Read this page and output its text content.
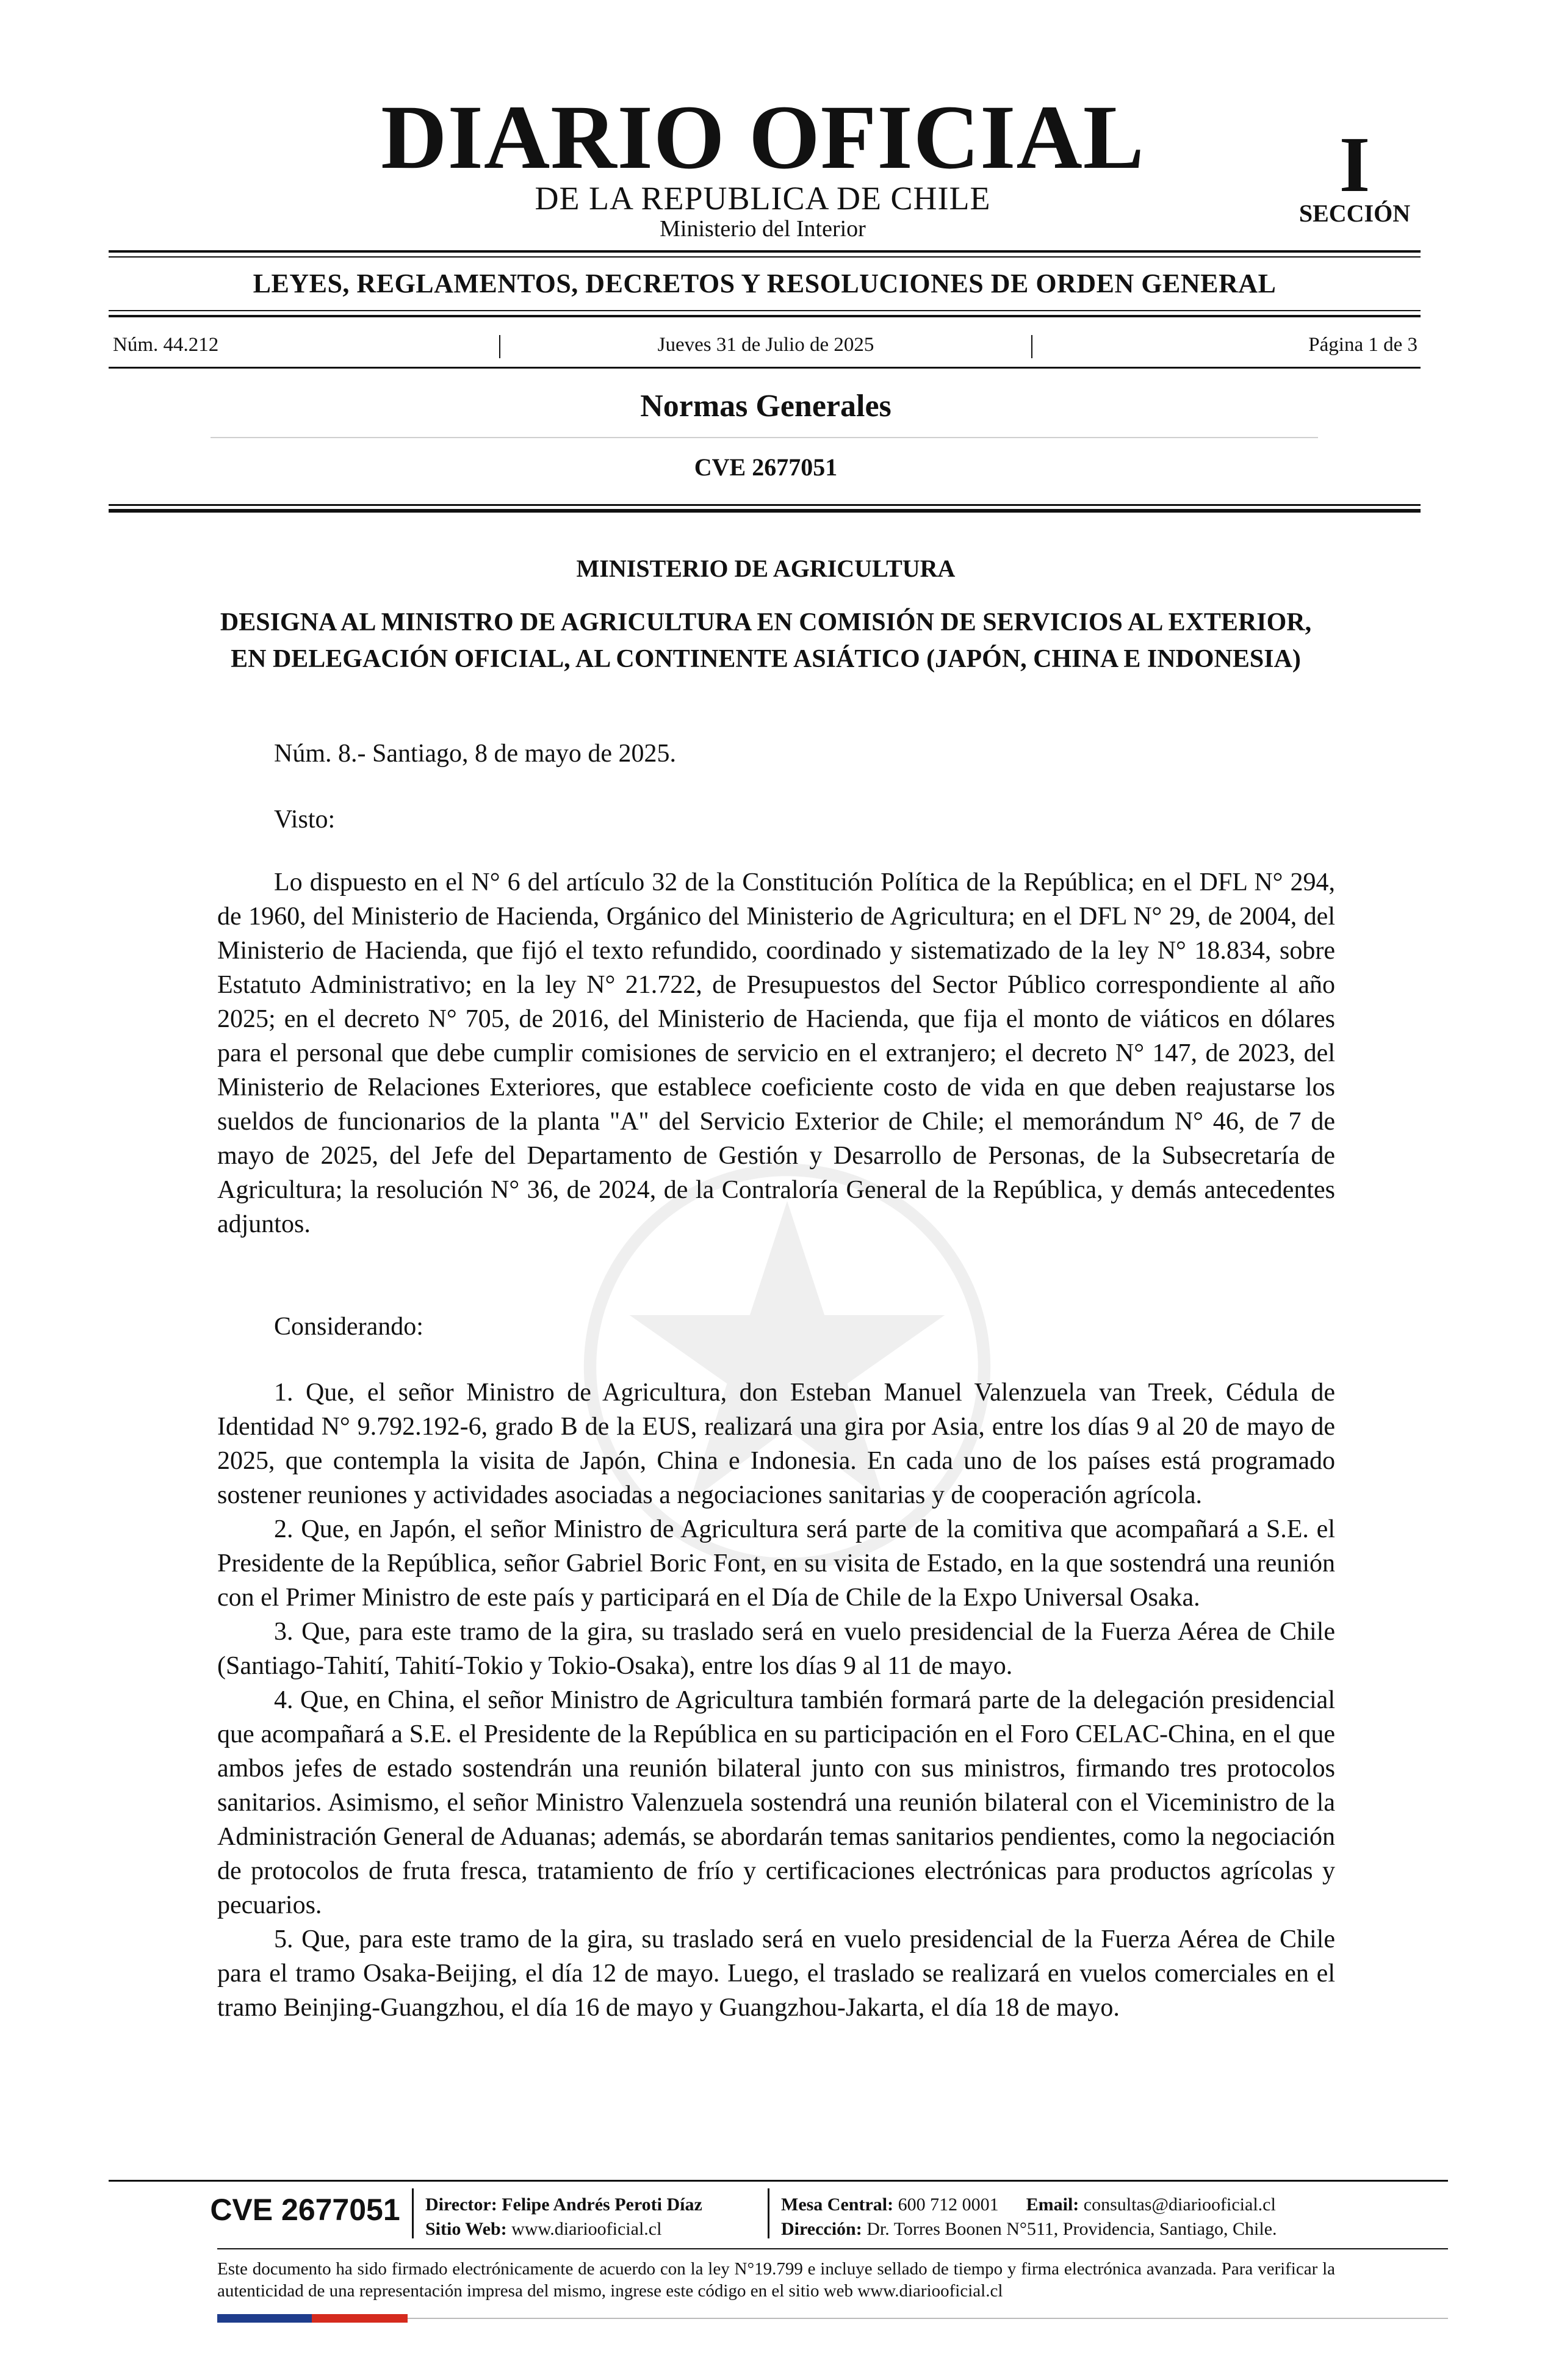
DIARIO OFICIAL
DE LA REPUBLICA DE CHILE
Ministerio del Interior
I
SECCIÓN
LEYES, REGLAMENTOS, DECRETOS Y RESOLUCIONES DE ORDEN GENERAL
Núm. 44.212	Jueves 31 de Julio de 2025	Página 1 de 3
Normas Generales
CVE 2677051
MINISTERIO DE AGRICULTURA
DESIGNA AL MINISTRO DE AGRICULTURA EN COMISIÓN DE SERVICIOS AL EXTERIOR, EN DELEGACIÓN OFICIAL, AL CONTINENTE ASIÁTICO (JAPÓN, CHINA E INDONESIA)
Núm. 8.- Santiago, 8 de mayo de 2025.
Visto:
Lo dispuesto en el N° 6 del artículo 32 de la Constitución Política de la República; en el DFL N° 294, de 1960, del Ministerio de Hacienda, Orgánico del Ministerio de Agricultura; en el DFL N° 29, de 2004, del Ministerio de Hacienda, que fijó el texto refundido, coordinado y sistematizado de la ley N° 18.834, sobre Estatuto Administrativo; en la ley N° 21.722, de Presupuestos del Sector Público correspondiente al año 2025; en el decreto N° 705, de 2016, del Ministerio de Hacienda, que fija el monto de viáticos en dólares para el personal que debe cumplir comisiones de servicio en el extranjero; el decreto N° 147, de 2023, del Ministerio de Relaciones Exteriores, que establece coeficiente costo de vida en que deben reajustarse los sueldos de funcionarios de la planta "A" del Servicio Exterior de Chile; el memorándum N° 46, de 7 de mayo de 2025, del Jefe del Departamento de Gestión y Desarrollo de Personas, de la Subsecretaría de Agricultura; la resolución N° 36, de 2024, de la Contraloría General de la República, y demás antecedentes adjuntos.
Considerando:

1. Que, el señor Ministro de Agricultura, don Esteban Manuel Valenzuela van Treek, Cédula de Identidad N° 9.792.192-6, grado B de la EUS, realizará una gira por Asia, entre los días 9 al 20 de mayo de 2025, que contempla la visita de Japón, China e Indonesia. En cada uno de los países está programado sostener reuniones y actividades asociadas a negociaciones sanitarias y de cooperación agrícola.

2. Que, en Japón, el señor Ministro de Agricultura será parte de la comitiva que acompañará a S.E. el Presidente de la República, señor Gabriel Boric Font, en su visita de Estado, en la que sostendrá una reunión con el Primer Ministro de este país y participará en el Día de Chile de la Expo Universal Osaka.

3. Que, para este tramo de la gira, su traslado será en vuelo presidencial de la Fuerza Aérea de Chile (Santiago-Tahití, Tahití-Tokio y Tokio-Osaka), entre los días 9 al 11 de mayo.

4. Que, en China, el señor Ministro de Agricultura también formará parte de la delegación presidencial que acompañará a S.E. el Presidente de la República en su participación en el Foro CELAC-China, en el que ambos jefes de estado sostendrán una reunión bilateral junto con sus ministros, firmando tres protocolos sanitarios. Asimismo, el señor Ministro Valenzuela sostendrá una reunión bilateral con el Viceministro de la Administración General de Aduanas; además, se abordarán temas sanitarios pendientes, como la negociación de protocolos de fruta fresca, tratamiento de frío y certificaciones electrónicas para productos agrícolas y pecuarios.

5. Que, para este tramo de la gira, su traslado será en vuelo presidencial de la Fuerza Aérea de Chile para el tramo Osaka-Beijing, el día 12 de mayo. Luego, el traslado se realizará en vuelos comerciales en el tramo Beinjing-Guangzhou, el día 16 de mayo y Guangzhou-Jakarta, el día 18 de mayo.

CVE 2677051	Director: Felipe Andrés Peroti Díaz
Sitio Web: www.diariooficial.cl
Mesa Central: 600 712 0001 Email: consultas@diariooficial.cl
Dirección: Dr. Torres Boonen N°511, Providencia, Santiago, Chile.
Este documento ha sido firmado electrónicamente de acuerdo con la ley N°19.799 e incluye sellado de tiempo y firma electrónica avanzada. Para verificar la autenticidad de una representación impresa del mismo, ingrese este código en el sitio web www.diariooficial.cl
